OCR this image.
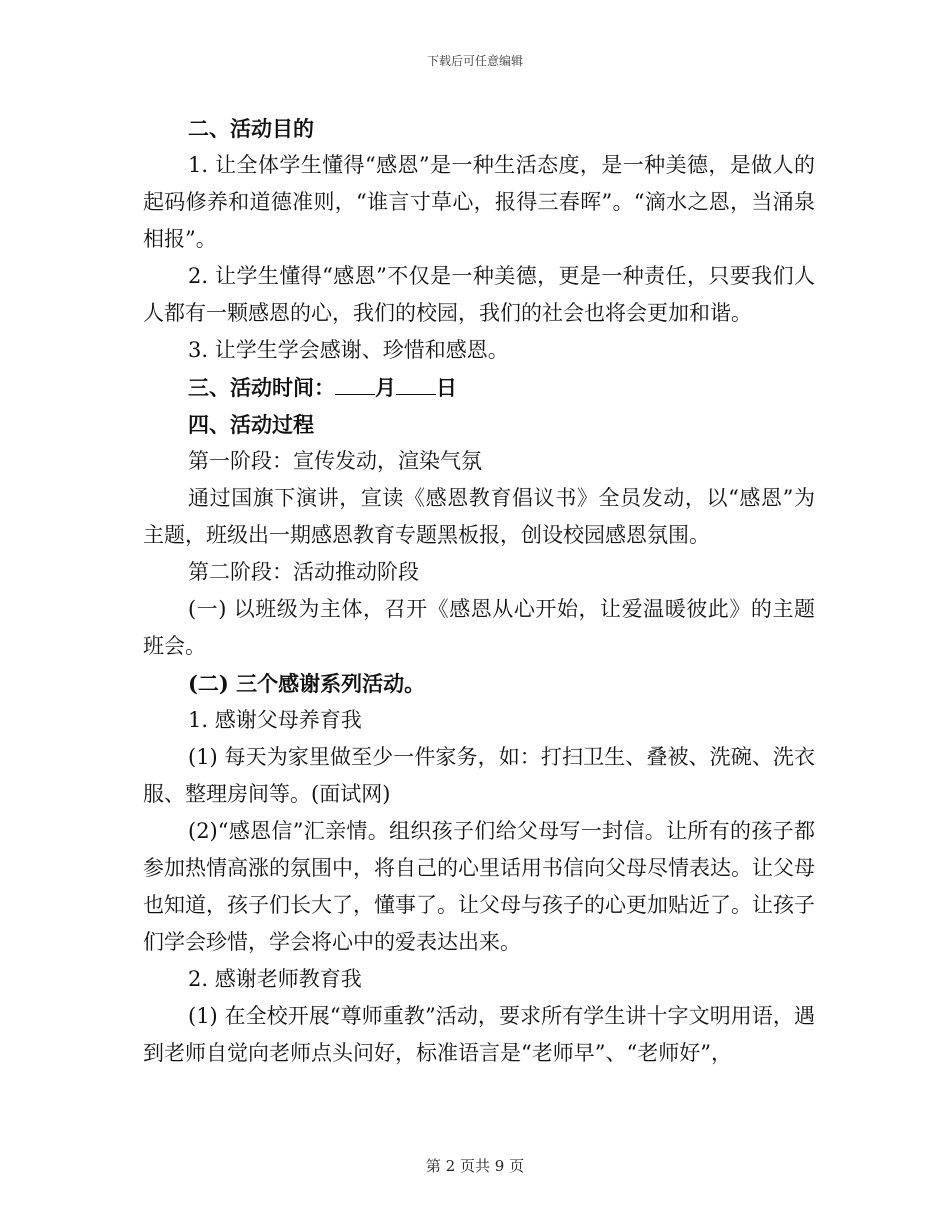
下载后可任意编辑

二、活动目的

1. 让全体学生懂得“感恩”是一种生活态度，是一种美德，是做人的起码修养和道德准则，“谁言寸草心，报得三春晖”。“滴水之恩，当涌泉相报”。

2. 让学生懂得“感恩”不仅是一种美德，更是一种责任，只要我们人人都有一颗感恩的心，我们的校园，我们的社会也将会更加和谐。

3. 让学生学会感谢、珍惜和感恩。

三、活动时间： 月 日

四、活动过程

第一阶段：宣传发动，渲染气氛

通过国旗下演讲，宣读《感恩教育倡议书》全员发动，以“感恩”为主题，班级出一期感恩教育专题黑板报，创设校园感恩氛围。

第二阶段：活动推动阶段

(一) 以班级为主体，召开《感恩从心开始，让爱温暖彼此》的主题班会。

(二) 三个感谢系列活动。

1. 感谢父母养育我

(1) 每天为家里做至少一件家务，如：打扫卫生、叠被、洗碗、洗衣服、整理房间等。(面试网)

(2)“感恩信”汇亲情。组织孩子们给父母写一封信。让所有的孩子都参加热情高涨的氛围中，将自己的心里话用书信向父母尽情表达。让父母也知道，孩子们长大了，懂事了。让父母与孩子的心更加贴近了。让孩子们学会珍惜，学会将心中的爱表达出来。

2. 感谢老师教育我

(1) 在全校开展“尊师重教”活动，要求所有学生讲十字文明用语，遇到老师自觉向老师点头问好，标准语言是“老师早”、“老师好”，

第 2 页共 9 页
